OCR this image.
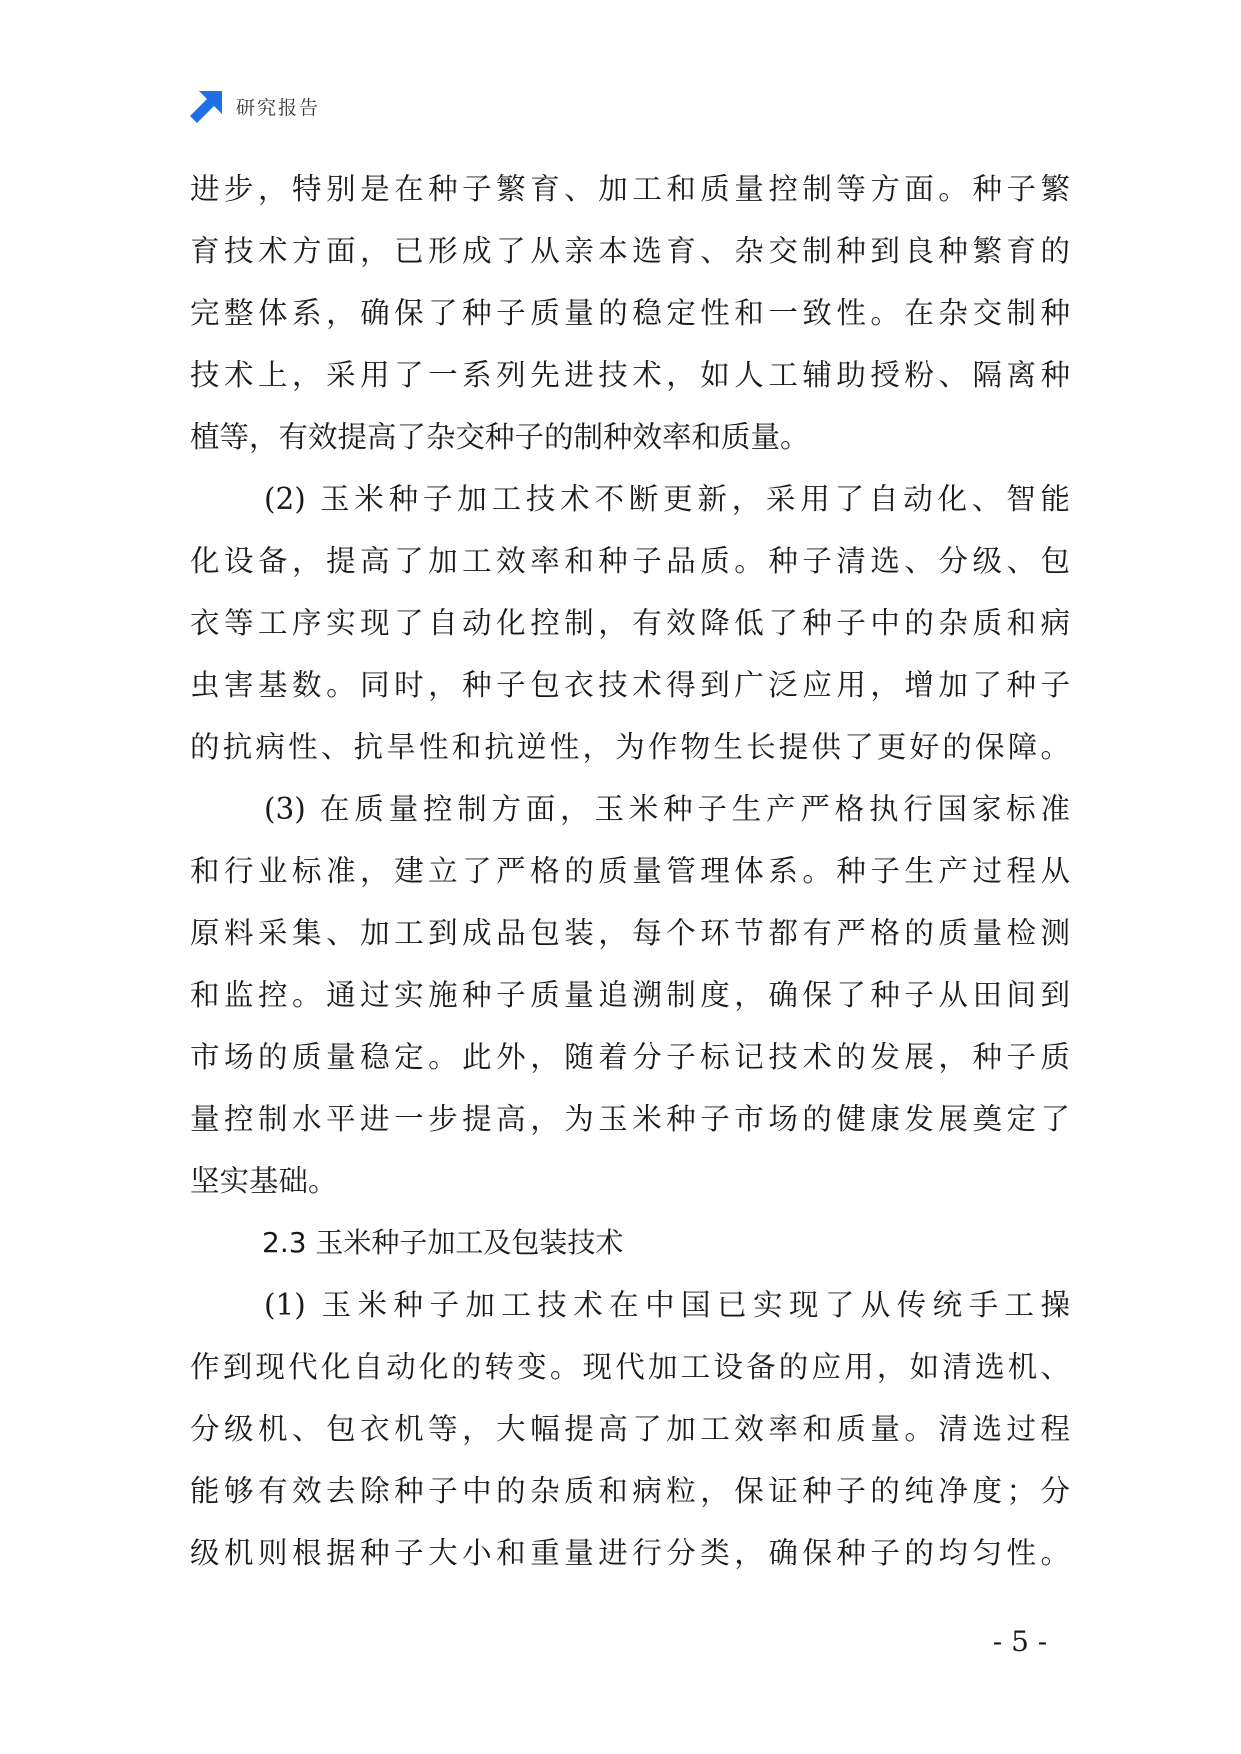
研究报告
进步，特别是在种子繁育、加工和质量控制等方面。种子繁
育技术方面，已形成了从亲本选育、杂交制种到良种繁育的
完整体系，确保了种子质量的稳定性和一致性。在杂交制种
技术上，采用了一系列先进技术，如人工辅助授粉、隔离种
植等，有效提高了杂交种子的制种效率和质量。
(2) 玉米种子加工技术不断更新，采用了自动化、智能
化设备，提高了加工效率和种子品质。种子清选、分级、包
衣等工序实现了自动化控制，有效降低了种子中的杂质和病
虫害基数。同时，种子包衣技术得到广泛应用，增加了种子
的抗病性、抗旱性和抗逆性，为作物生长提供了更好的保障。
(3) 在质量控制方面，玉米种子生产严格执行国家标准
和行业标准，建立了严格的质量管理体系。种子生产过程从
原料采集、加工到成品包装，每个环节都有严格的质量检测
和监控。通过实施种子质量追溯制度，确保了种子从田间到
市场的质量稳定。此外，随着分子标记技术的发展，种子质
量控制水平进一步提高，为玉米种子市场的健康发展奠定了
坚实基础。
2.3 玉米种子加工及包装技术
(1) 玉米种子加工技术在中国已实现了从传统手工操
作到现代化自动化的转变。现代加工设备的应用，如清选机、
分级机、包衣机等，大幅提高了加工效率和质量。清选过程
能够有效去除种子中的杂质和病粒，保证种子的纯净度；分
级机则根据种子大小和重量进行分类，确保种子的均匀性。
- 5 -
